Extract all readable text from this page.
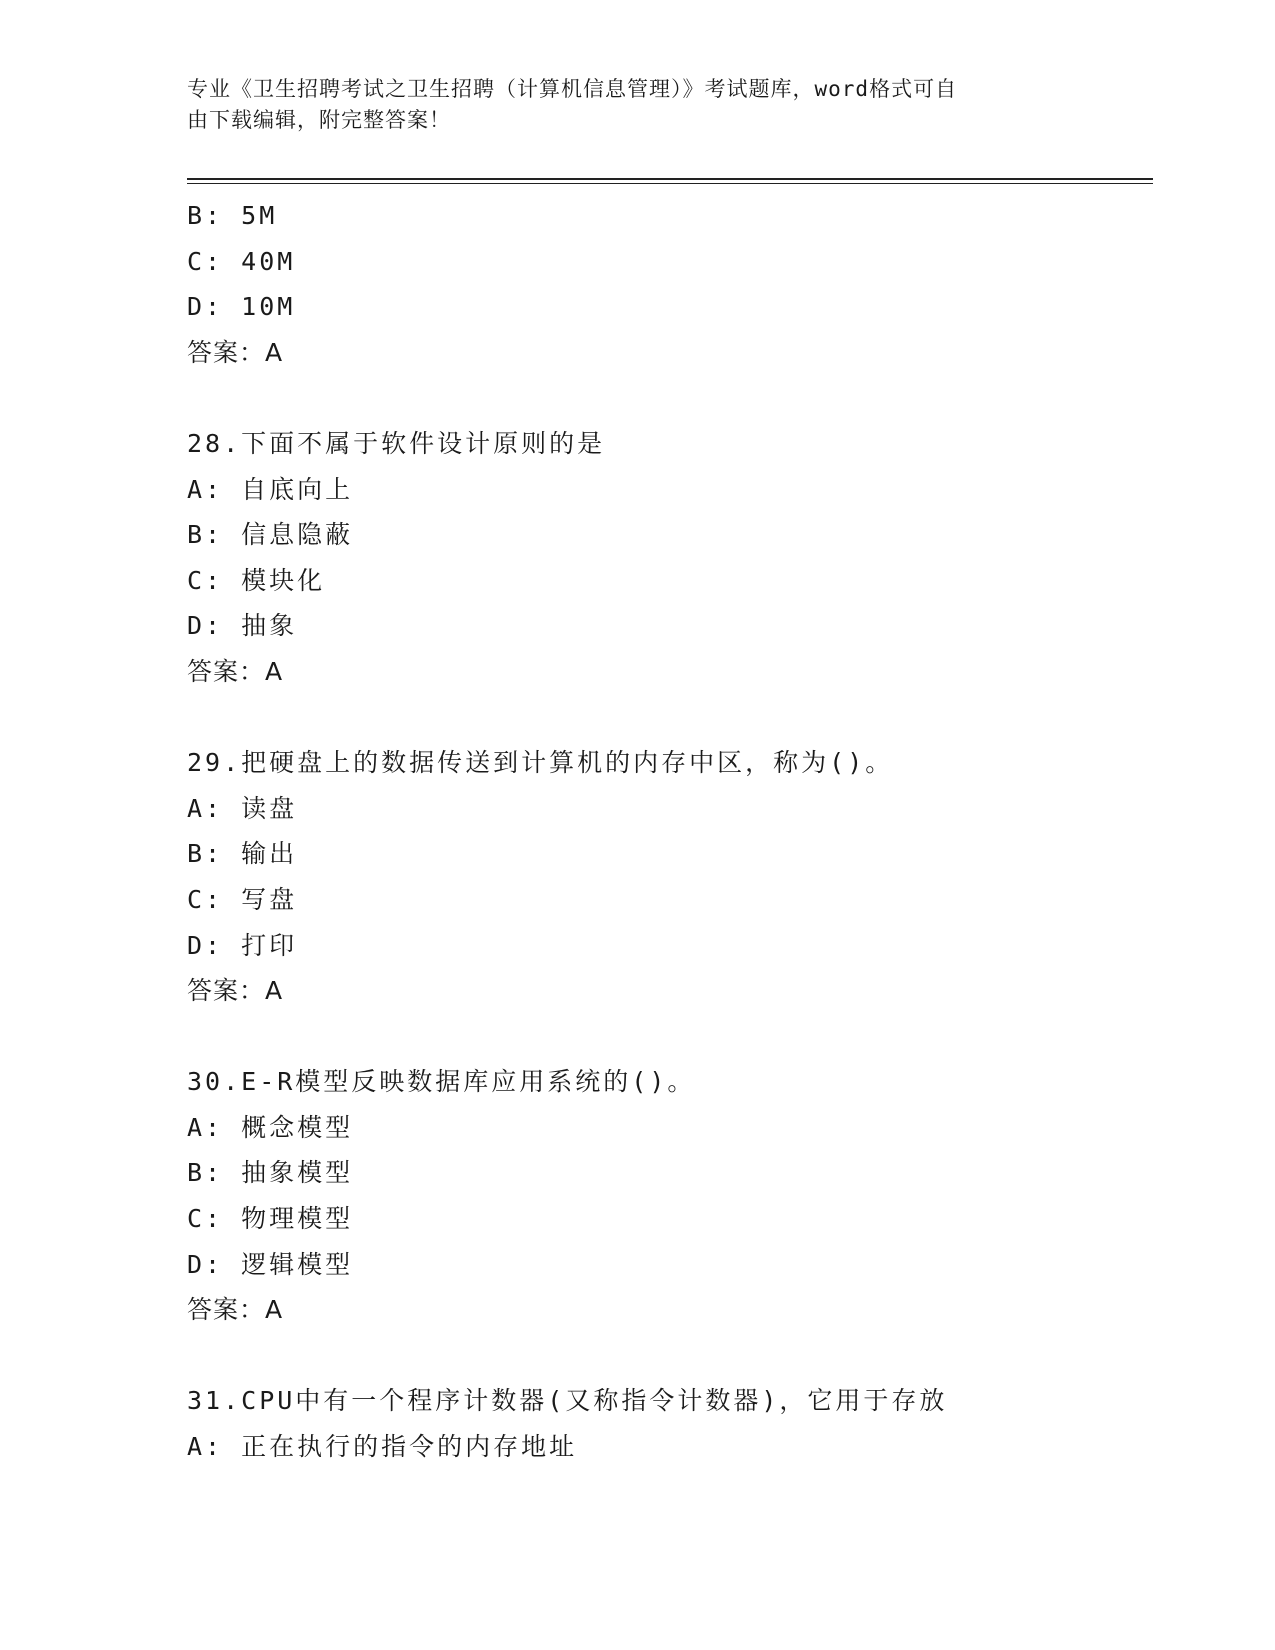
专业《卫生招聘考试之卫生招聘（计算机信息管理）》考试题库，word格式可自
由下载编辑，附完整答案！
B: 5M
C: 40M
D: 10M
答案：A
28.下面不属于软件设计原则的是
A: 自底向上
B: 信息隐蔽
C: 模块化
D: 抽象
答案：A
29.把硬盘上的数据传送到计算机的内存中区，称为()。
A: 读盘
B: 输出
C: 写盘
D: 打印
答案：A
30.E-R模型反映数据库应用系统的()。
A: 概念模型
B: 抽象模型
C: 物理模型
D: 逻辑模型
答案：A
31.CPU中有一个程序计数器(又称指令计数器)，它用于存放
A: 正在执行的指令的内存地址
